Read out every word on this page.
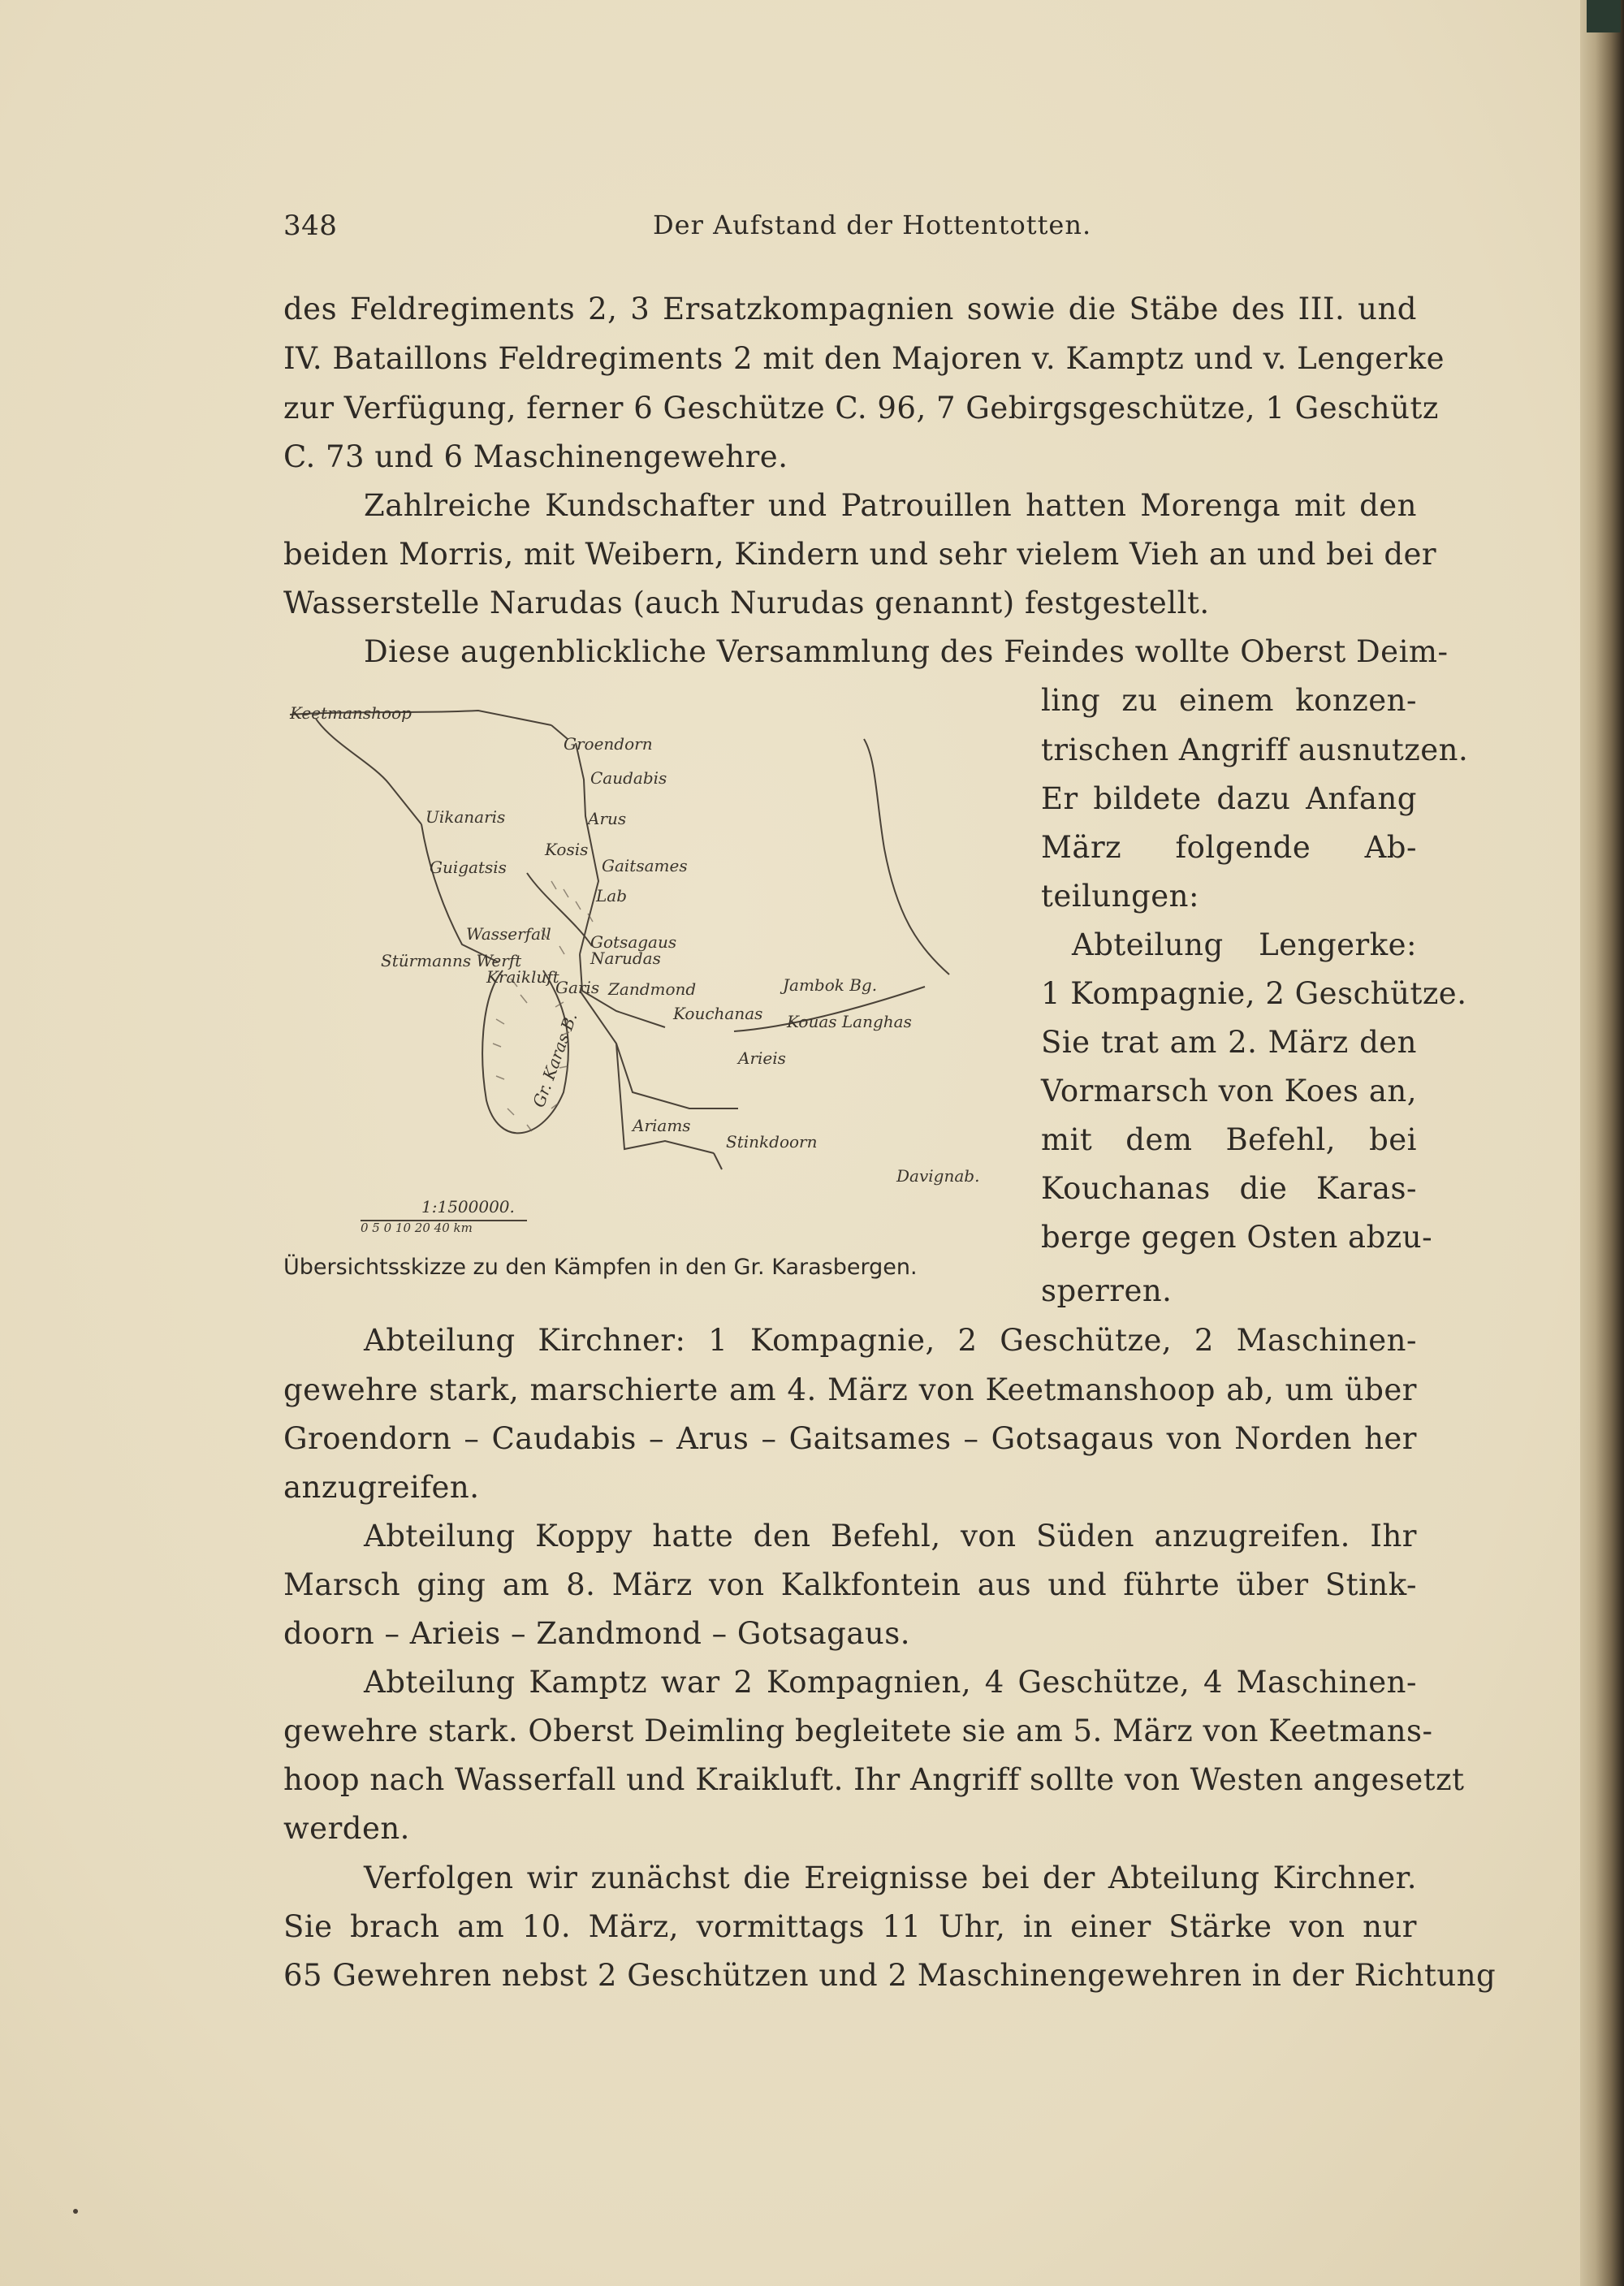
348	Der Aufstand der Hottentotten.
des Feldregiments 2, 3 Ersatzkompagnien sowie die Stäbe des III. und
IV. Bataillons Feldregiments 2 mit den Majoren v. Kamptz und v. Lengerke
zur Verfügung, ferner 6 Geschütze C. 96, 7 Gebirgsgeschütze, 1 Geschütz
C. 73 und 6 Maschinengewehre.
Zahlreiche Kundschafter und Patrouillen hatten Morenga mit den
beiden Morris, mit Weibern, Kindern und sehr vielem Vieh an und bei der
Wasserstelle Narudas (auch Nurudas genannt) festgestellt.
Diese augenblickliche Versammlung des Feindes wollte Oberst Deim-
ling zu einem konzen-
trischen Angriff ausnutzen.
Er bildete dazu Anfang
März folgende Ab-
teilungen:
Abteilung Lengerke:
1 Kompagnie, 2 Geschütze.
Sie trat am 2. März den
Vormarsch von Koes an,
mit dem Befehl, bei
Kouchanas die Karas-
berge gegen Osten abzu-
sperren.
Keetmanshoop
Groendorn
Caudabis
Arus
Uikanaris
Kosis
Gaitsames
Guigatsis
Lab
Wasserfall Gotsagaus
Stürmanns Werft	Narudas
Kraikluft
Garis Zandmond
Gr. Karas B.
Jambok Bg.
Kouas Langhas
Kouchanas
Arieis
Ariams
Stinkdoorn
Davignab.
1:1500000.
0 5 0 10 20 40 km
Übersichtsskizze zu den Kämpfen in den Gr. Karasbergen.
Abteilung Kirchner: 1 Kompagnie, 2 Geschütze, 2 Maschinen-
gewehre stark, marschierte am 4. März von Keetmanshoop ab, um über
Groendorn – Caudabis – Arus – Gaitsames – Gotsagaus von Norden her
anzugreifen.
Abteilung Koppy hatte den Befehl, von Süden anzugreifen. Ihr
Marsch ging am 8. März von Kalkfontein aus und führte über Stink-
doorn – Arieis – Zandmond – Gotsagaus.
Abteilung Kamptz war 2 Kompagnien, 4 Geschütze, 4 Maschinen-
gewehre stark. Oberst Deimling begleitete sie am 5. März von Keetmans-
hoop nach Wasserfall und Kraikluft. Ihr Angriff sollte von Westen angesetzt
werden.
Verfolgen wir zunächst die Ereignisse bei der Abteilung Kirchner.
Sie brach am 10. März, vormittags 11 Uhr, in einer Stärke von nur
65 Gewehren nebst 2 Geschützen und 2 Maschinengewehren in der Richtung
